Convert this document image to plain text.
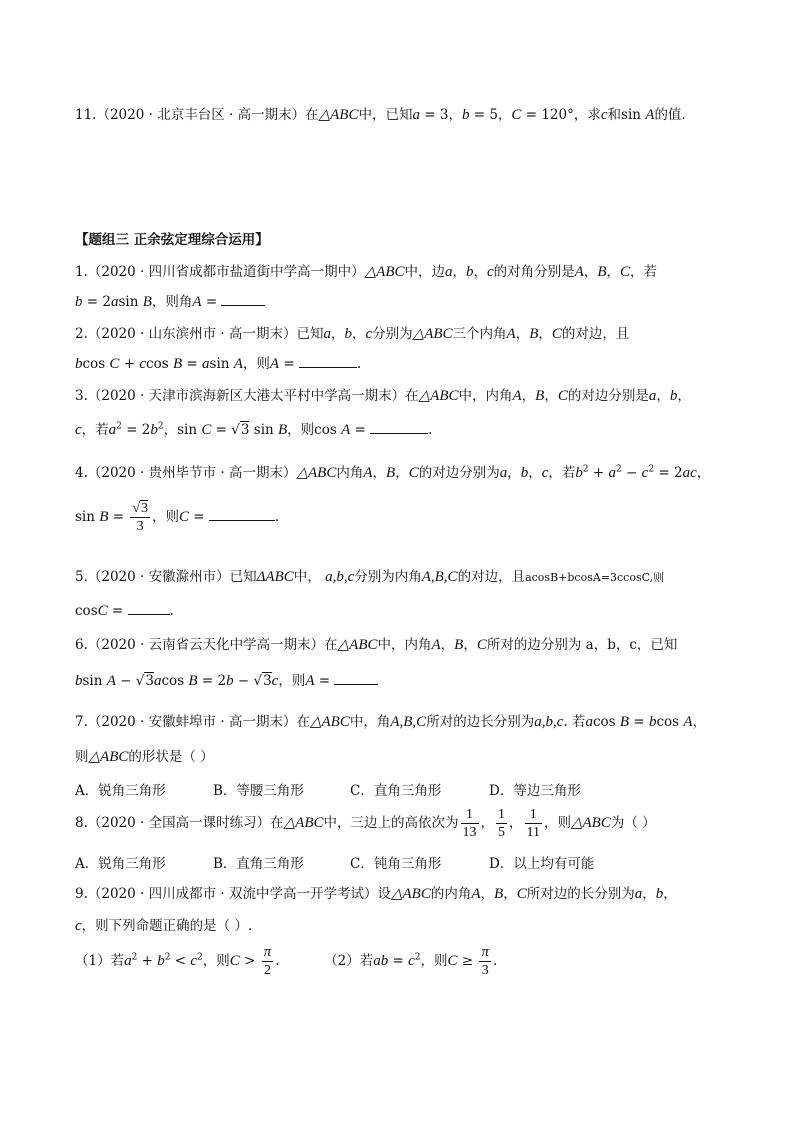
11.（2020 · 北京丰台区 · 高一期末）在△ABC中，已知a = 3，b = 5，C = 120°，求c和sin A的值.
【题组三 正余弦定理综合运用】
1.（2020 · 四川省成都市盐道街中学高一期中）△ABC中，边a，b，c的对角分别是A，B，C，若
b = 2asin B，则角A =
2.（2020 · 山东滨州市 · 高一期末）已知a，b，c分别为△ABC三个内角A，B，C的对边，且
bcos C + ccos B = asin A，则A =	.
3.（2020 · 天津市滨海新区大港太平村中学高一期末）在△ABC中，内角A，B，C的对边分别是a，b，
c，若$a^2 = 2b^2$，sin C = √3 sin B，则cos A =	.
4.（2020 · 贵州毕节市 · 高一期末）△ABC内角A，B，C的对边分别为a，b，c，若$b^2 + a^2 - c^2 = 2ac$，
$\sin B = \frac{√3}{3}$ ，则C =	.
5.（2020 · 安徽滁州市）已知ΔABC中， a,b,c分别为内角A,B,C的对边，且acosB+bcosA=3ccosC,则
cosC =	.
6.（2020 · 云南省云天化中学高一期末）在△ABC中，内角A，B，C所对的边分别为 a，b，c，已知
bsin A − √3acos B = 2b − √3c，则A =
7.（2020 · 安徽蚌埠市 · 高一期末）在△ABC中，角A,B,C所对的边长分别为a,b,c. 若acos B = bcos A，
则△ABC的形状是（ ）
A．锐角三角形	B．等腰三角形	C．直角三角形	D．等边三角形
8.（2020 · 全国高一课时练习）在△ABC中，三边上的高依次为 $\frac{1}{13}$ ， $\frac{1}{5}$ ， $\frac{1}{11}$ ，则△ABC为（ ）
A．锐角三角形	B．直角三角形	C．钝角三角形	D．以上均有可能
9.（2020 · 四川成都市 · 双流中学高一开学考试）设△ABC的内角A，B，C所对边的长分别为a，b，
c，则下列命题正确的是（ ）.
（1）若$a^2 + b^2 < c^2$，则$C > \frac{\pi}{2}$ .	（2）若ab = $c^2$，则$C \ge \frac{\pi}{3}$ .
